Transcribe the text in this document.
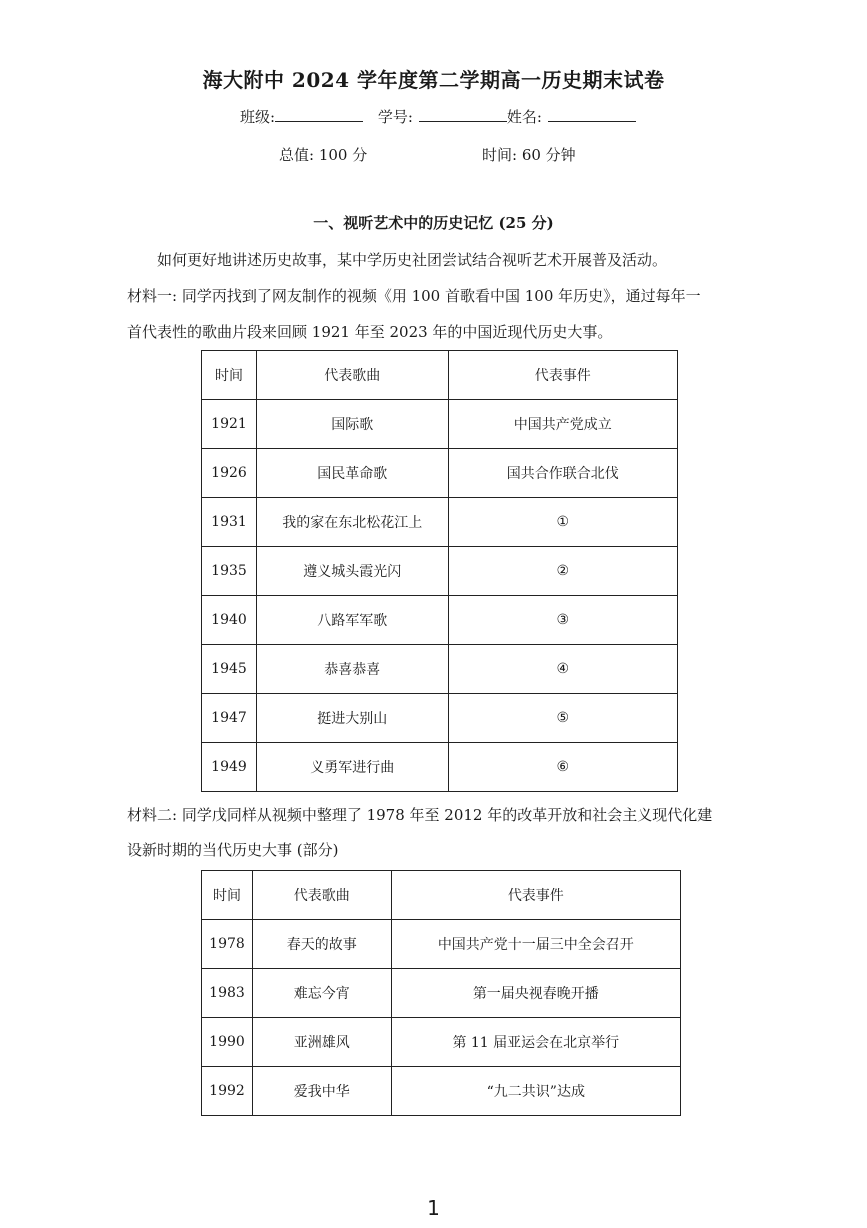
海大附中 2024 学年度第二学期高一历史期末试卷
班级:	学号:	姓名:
总值: 100 分	时间: 60 分钟
一、视听艺术中的历史记忆 (25 分)
如何更好地讲述历史故事，某中学历史社团尝试结合视听艺术开展普及活动。
材料一: 同学丙找到了网友制作的视频《用 100 首歌看中国 100 年历史》，通过每年一
首代表性的歌曲片段来回顾 1921 年至 2023 年的中国近现代历史大事。
时间	代表歌曲	代表事件
1921	国际歌	中国共产党成立
1926	国民革命歌	国共合作联合北伐
1931	我的家在东北松花江上	①
1935	遵义城头霞光闪	②
1940	八路军军歌	③
1945	恭喜恭喜	④
1947	挺进大别山	⑤
1949	义勇军进行曲	⑥
材料二: 同学戊同样从视频中整理了 1978 年至 2012 年的改革开放和社会主义现代化建
设新时期的当代历史大事 (部分)
时间	代表歌曲	代表事件
1978	春天的故事	中国共产党十一届三中全会召开
1983	难忘今宵	第一届央视春晚开播
1990	亚洲雄风	第 11 届亚运会在北京举行
1992	爱我中华	“九二共识”达成
1
